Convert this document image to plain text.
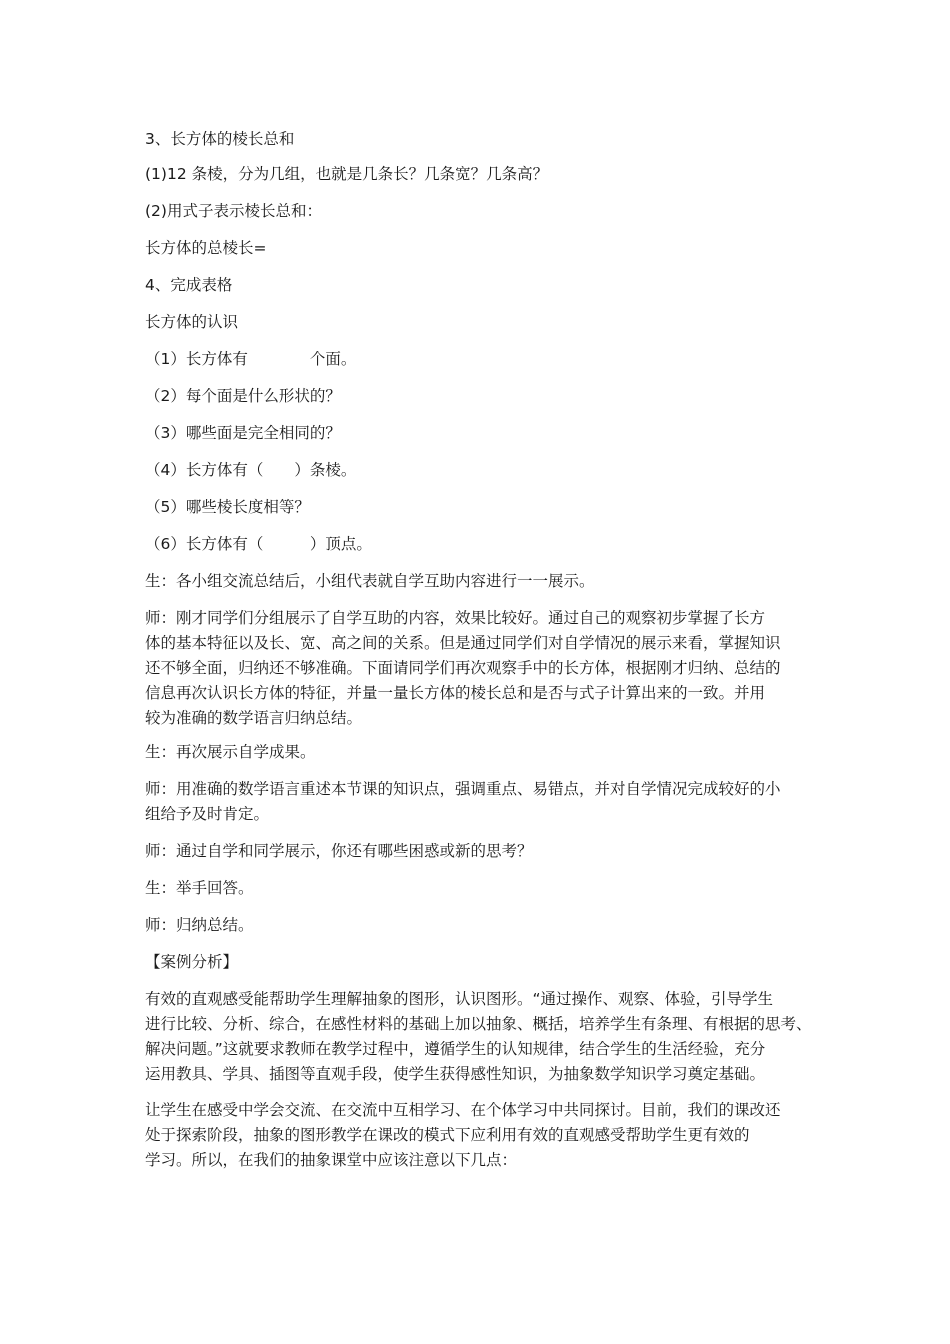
3、长方体的棱长总和
(1)12 条棱，分为几组，也就是几条长？几条宽？几条高？
(2)用式子表示棱长总和：
长方体的总棱长=
4、完成表格
长方体的认识
（1）长方体有　　　　个面。
（2）每个面是什么形状的？
（3）哪些面是完全相同的？
（4）长方体有（　　）条棱。
（5）哪些棱长度相等？
（6）长方体有（　　　）顶点。
生：各小组交流总结后，小组代表就自学互助内容进行一一展示。
师：刚才同学们分组展示了自学互助的内容，效果比较好。通过自己的观察初步掌握了长方
体的基本特征以及长、宽、高之间的关系。但是通过同学们对自学情况的展示来看，掌握知识
还不够全面，归纳还不够准确。下面请同学们再次观察手中的长方体，根据刚才归纳、总结的
信息再次认识长方体的特征，并量一量长方体的棱长总和是否与式子计算出来的一致。并用
较为准确的数学语言归纳总结。
生：再次展示自学成果。
师：用准确的数学语言重述本节课的知识点，强调重点、易错点，并对自学情况完成较好的小
组给予及时肯定。
师：通过自学和同学展示，你还有哪些困惑或新的思考？
生：举手回答。
师：归纳总结。
【案例分析】
有效的直观感受能帮助学生理解抽象的图形，认识图形。“通过操作、观察、体验，引导学生
进行比较、分析、综合，在感性材料的基础上加以抽象、概括，培养学生有条理、有根据的思考、
解决问题。”这就要求教师在教学过程中，遵循学生的认知规律，结合学生的生活经验，充分
运用教具、学具、插图等直观手段，使学生获得感性知识，为抽象数学知识学习奠定基础。
让学生在感受中学会交流、在交流中互相学习、在个体学习中共同探讨。目前，我们的课改还
处于探索阶段，抽象的图形教学在课改的模式下应利用有效的直观感受帮助学生更有效的
学习。所以，在我们的抽象课堂中应该注意以下几点：
